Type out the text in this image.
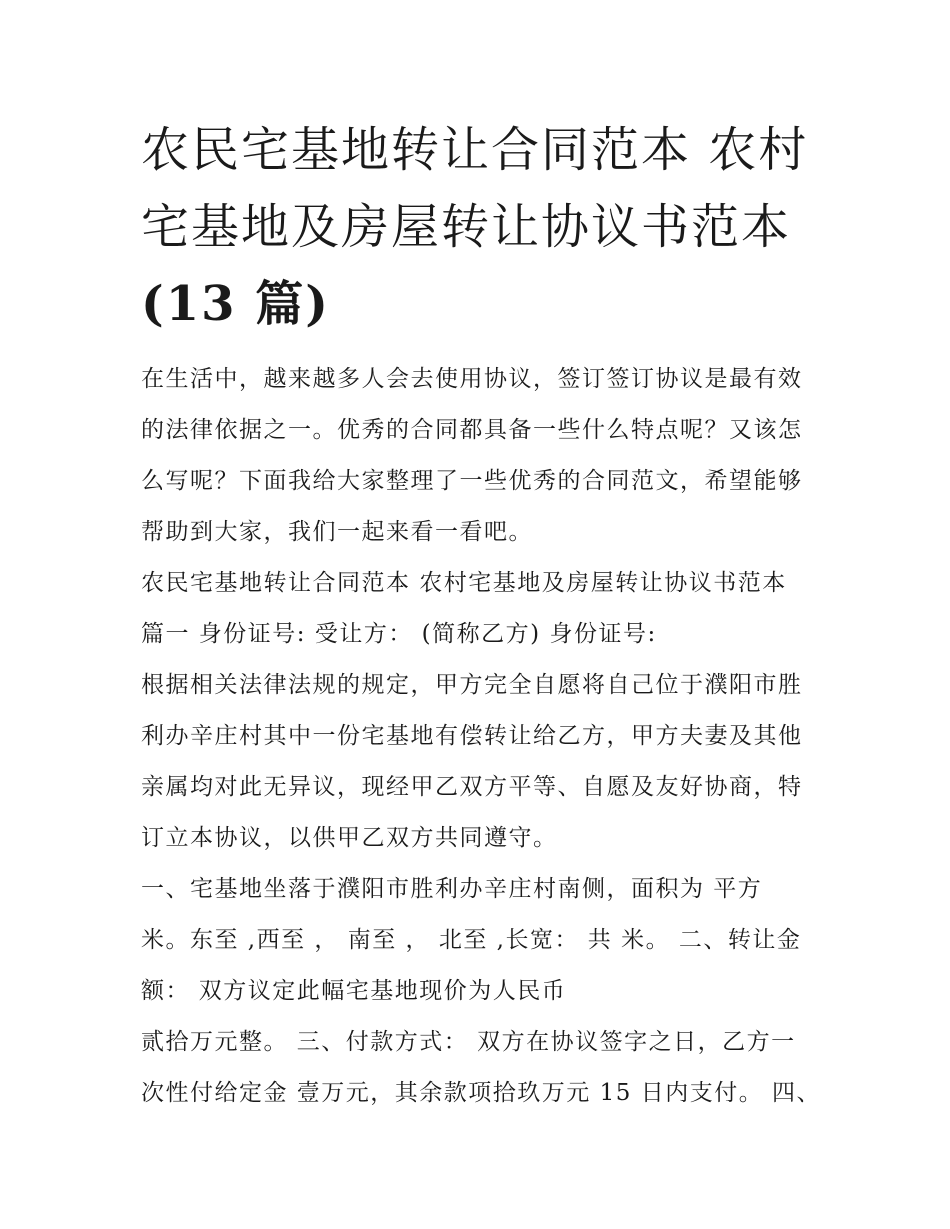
农民宅基地转让合同范本 农村
宅基地及房屋转让协议书范本
(13 篇)

在生活中，越来越多人会去使用协议，签订签订协议是最有效

的法律依据之一。优秀的合同都具备一些什么特点呢？又该怎

么写呢？下面我给大家整理了一些优秀的合同范文，希望能够

帮助到大家，我们一起来看一看吧。

农民宅基地转让合同范本 农村宅基地及房屋转让协议书范本

篇一 身份证号: 受让方： (简称乙方) 身份证号:

根据相关法律法规的规定，甲方完全自愿将自己位于濮阳市胜

利办辛庄村其中一份宅基地有偿转让给乙方，甲方夫妻及其他

亲属均对此无异议，现经甲乙双方平等、自愿及友好协商，特

订立本协议，以供甲乙双方共同遵守。

一、宅基地坐落于濮阳市胜利办辛庄村南侧，面积为 平方

米。东至 ,西至 ， 南至 ， 北至 ,长宽： 共 米。 二、转让金

额： 双方议定此幅宅基地现价为人民币

贰拾万元整。 三、付款方式： 双方在协议签字之日，乙方一

次性付给定金 壹万元，其余款项拾玖万元 15 日内支付。 四、
